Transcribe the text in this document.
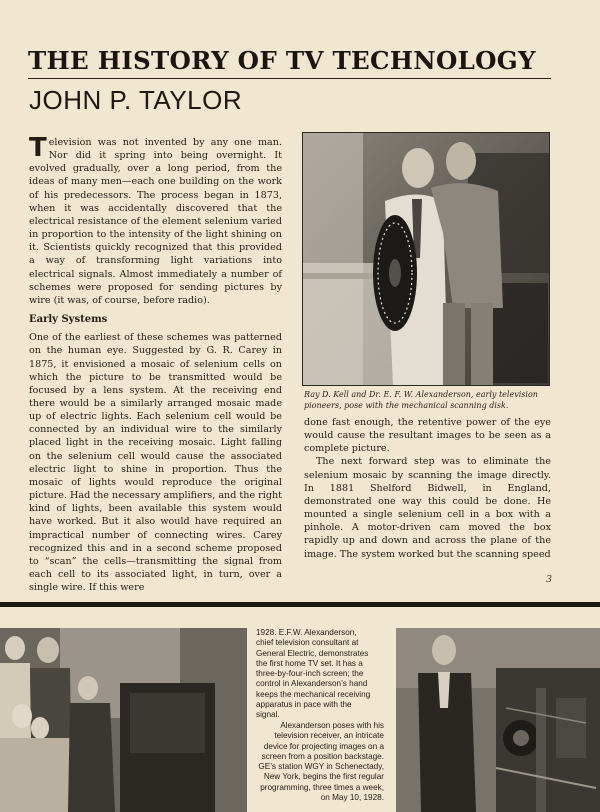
THE HISTORY OF TV TECHNOLOGY
JOHN P. TAYLOR

Television was not invented by any one man. Nor did it spring into being overnight. It evolved gradually, over a long period, from the ideas of many men—each one building on the work of his predecessors. The process began in 1873, when it was accidentally discovered that the electrical resistance of the element selenium varied in proportion to the intensity of the light shining on it. Scientists quickly recognized that this provided a way of transforming light variations into electrical signals. Almost immediately a number of schemes were proposed for sending pictures by wire (it was, of course, before radio).

Early Systems

One of the earliest of these schemes was patterned on the human eye. Suggested by G. R. Carey in 1875, it envisioned a mosaic of selenium cells on which the picture to be transmitted would be focused by a lens system. At the receiving end there would be a similarly arranged mosaic made up of electric lights. Each selenium cell would be connected by an individual wire to the similarly placed light in the receiving mosaic. Light falling on the selenium cell would cause the associated electric light to shine in proportion. Thus the mosaic of lights would reproduce the original picture. Had the necessary amplifiers, and the right kind of lights, been available this system would have worked. But it also would have required an impractical number of connecting wires. Carey recognized this and in a second scheme proposed to “scan” the cells—transmitting the signal from each cell to its associated light, in turn, over a single wire. If this were

Ray D. Kell and Dr. E. F. W. Alexanderson, early television pioneers, pose with the mechanical scanning disk.

done fast enough, the retentive power of the eye would cause the resultant images to be seen as a complete picture.

The next forward step was to eliminate the selenium mosaic by scanning the image directly. In 1881 Shelford Bidwell, in England, demonstrated one way this could be done. He mounted a single selenium cell in a box with a pinhole. A motor-driven cam moved the box rapidly up and down and across the plane of the image. The system worked but the scanning speed

3
1928. E.F.W. Alexanderson, chief television consultant at General Electric, demonstrates the first home TV set. It has a three-by-four-inch screen; the control in Alexanderson’s hand keeps the mechanical receiving apparatus in pace with the signal.
Alexanderson poses with his television receiver, an intricate device for projecting images on a screen from a position backstage. GE’s station WGY in Schenectady, New York, begins the first regular programming, three times a week, on May 10, 1928.
